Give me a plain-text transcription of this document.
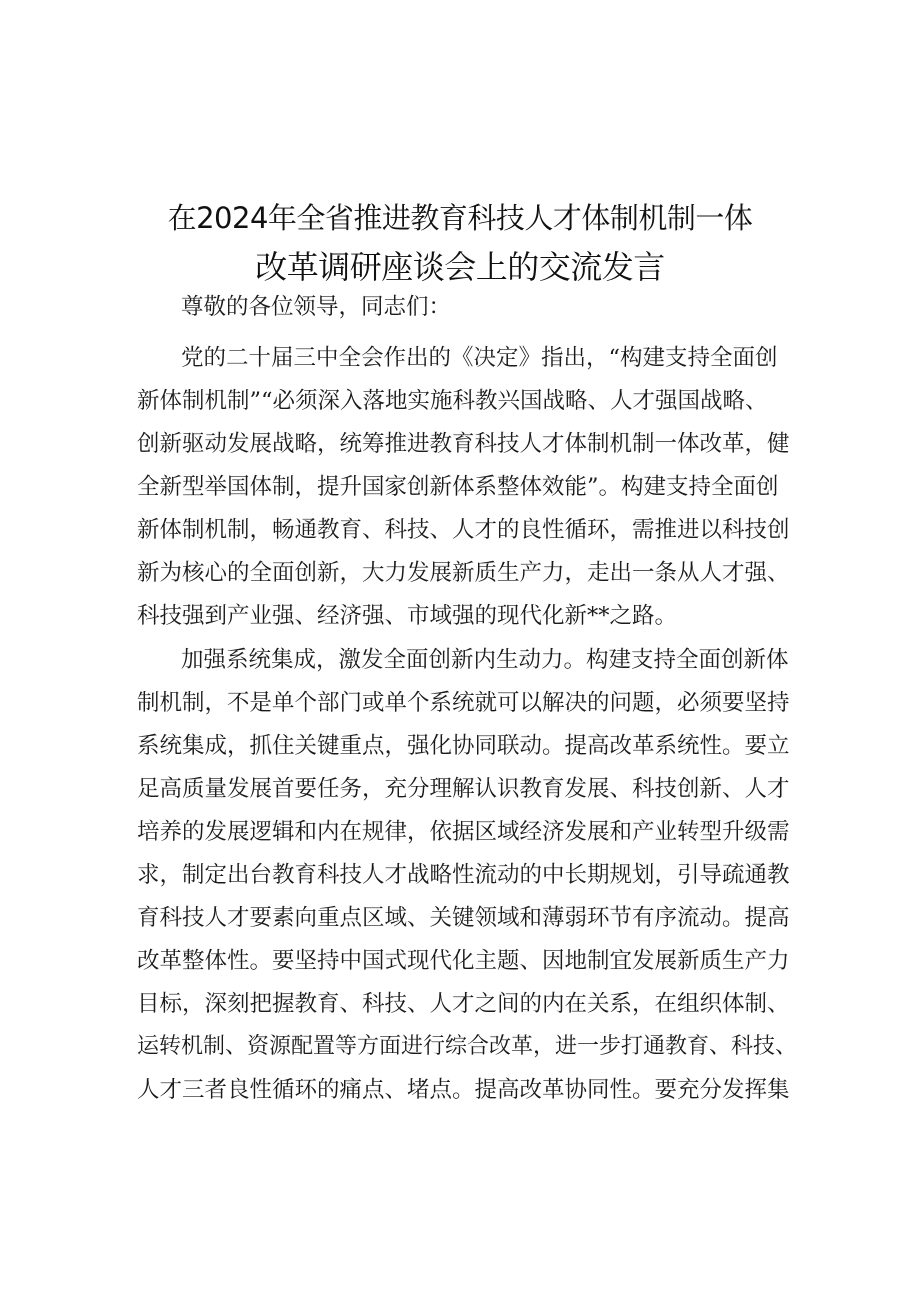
在2024年全省推进教育科技人才体制机制一体
改革调研座谈会上的交流发言
尊敬的各位领导，同志们：
党的二十届三中全会作出的《决定》指出，“构建支持全面创
新体制机制”“必须深入落地实施科教兴国战略、人才强国战略、
创新驱动发展战略，统筹推进教育科技人才体制机制一体改革，健
全新型举国体制，提升国家创新体系整体效能”。构建支持全面创
新体制机制，畅通教育、科技、人才的良性循环，需推进以科技创
新为核心的全面创新，大力发展新质生产力，走出一条从人才强、
科技强到产业强、经济强、市域强的现代化新**之路。
加强系统集成，激发全面创新内生动力。构建支持全面创新体
制机制，不是单个部门或单个系统就可以解决的问题，必须要坚持
系统集成，抓住关键重点，强化协同联动。提高改革系统性。要立
足高质量发展首要任务，充分理解认识教育发展、科技创新、人才
培养的发展逻辑和内在规律，依据区域经济发展和产业转型升级需
求，制定出台教育科技人才战略性流动的中长期规划，引导疏通教
育科技人才要素向重点区域、关键领域和薄弱环节有序流动。提高
改革整体性。要坚持中国式现代化主题、因地制宜发展新质生产力
目标，深刻把握教育、科技、人才之间的内在关系，在组织体制、
运转机制、资源配置等方面进行综合改革，进一步打通教育、科技、
人才三者良性循环的痛点、堵点。提高改革协同性。要充分发挥集
